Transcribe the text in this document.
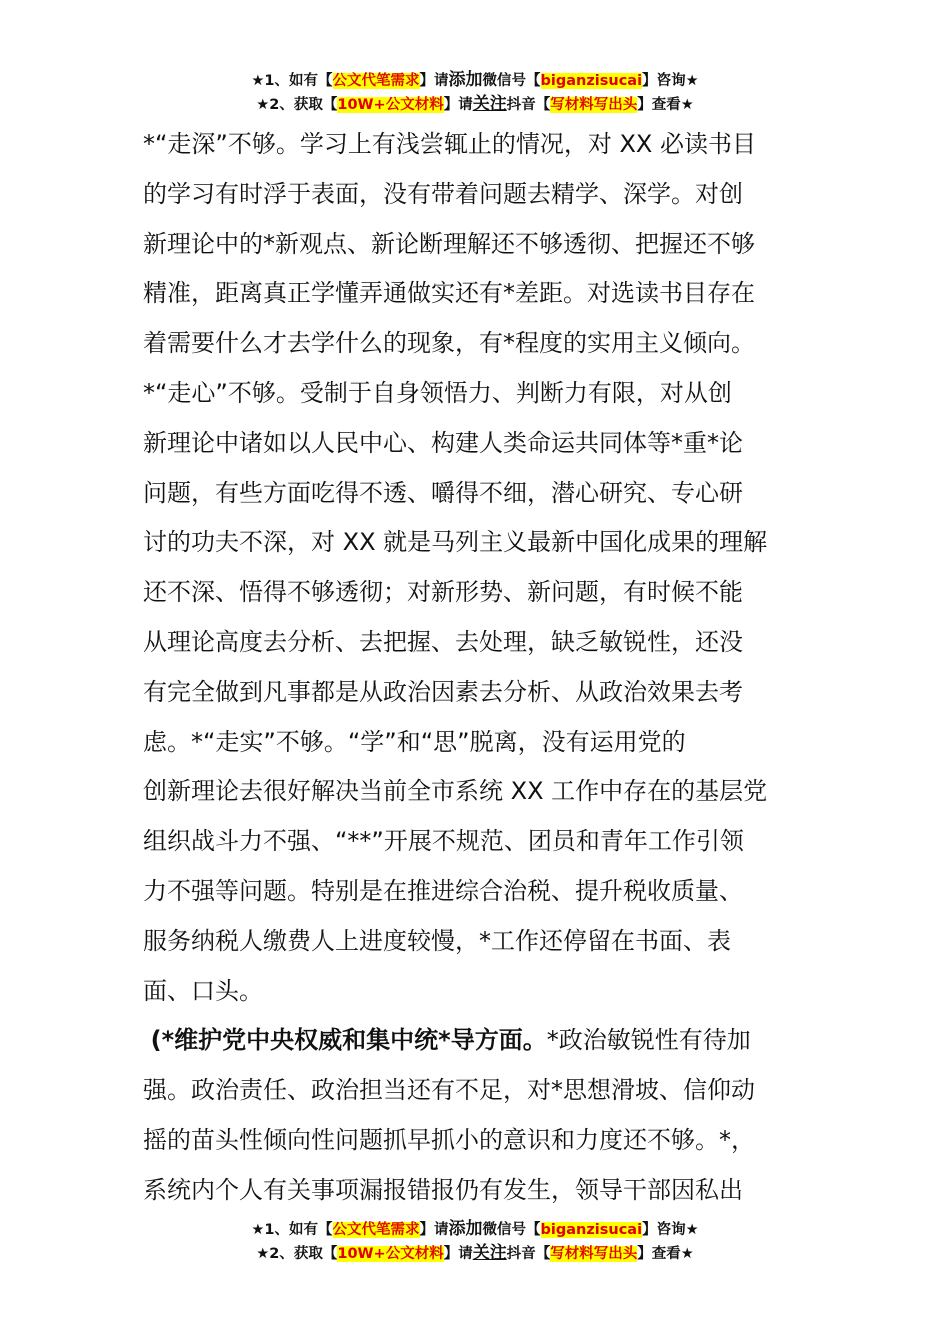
★1、如有【公文代笔需求】请添加微信号【biganzisucai】咨询★
★2、获取【10W+公文材料】请关注抖音【写材料写出头】查看★

*“走深”不够。学习上有浅尝辄止的情况，对 XX 必读书目
的学习有时浮于表面，没有带着问题去精学、深学。对创
新理论中的*新观点、新论断理解还不够透彻、把握还不够
精准，距离真正学懂弄通做实还有*差距。对选读书目存在
着需要什么才去学什么的现象，有*程度的实用主义倾向。
*“走心”不够。受制于自身领悟力、判断力有限，对从创
新理论中诸如以人民中心、构建人类命运共同体等*重*论
问题，有些方面吃得不透、嚼得不细，潜心研究、专心研
讨的功夫不深，对 XX 就是马列主义最新中国化成果的理解
还不深、悟得不够透彻；对新形势、新问题，有时候不能
从理论高度去分析、去把握、去处理，缺乏敏锐性，还没
有完全做到凡事都是从政治因素去分析、从政治效果去考
虑。*“走实”不够。“学”和“思”脱离，没有运用党的
创新理论去很好解决当前全市系统 XX 工作中存在的基层党
组织战斗力不强、“**”开展不规范、团员和青年工作引领
力不强等问题。特别是在推进综合治税、提升税收质量、
服务纳税人缴费人上进度较慢，*工作还停留在书面、表
面、口头。

(*维护党中央权威和集中统*导方面。*政治敏锐性有待加
强。政治责任、政治担当还有不足，对*思想滑坡、信仰动
摇的苗头性倾向性问题抓早抓小的意识和力度还不够。*，
系统内个人有关事项漏报错报仍有发生，领导干部因私出

★1、如有【公文代笔需求】请添加微信号【biganzisucai】咨询★
★2、获取【10W+公文材料】请关注抖音【写材料写出头】查看★
